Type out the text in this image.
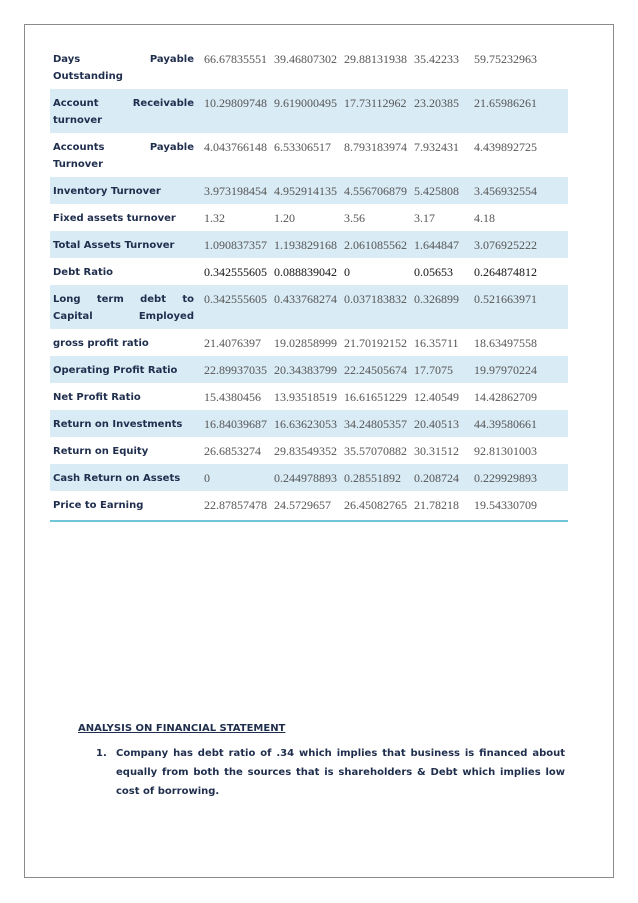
Days Payable Outstanding	66.67835551	39.46807302	29.88131938	35.42233	59.75232963
Account Receivable turnover	10.29809748	9.619000495	17.73112962	23.20385	21.65986261
Accounts Payable Turnover	4.043766148	6.53306517	8.793183974	7.932431	4.439892725
Inventory Turnover	3.973198454	4.952914135	4.556706879	5.425808	3.456932554
Fixed assets turnover	1.32	1.20	3.56	3.17	4.18
Total Assets Turnover	1.090837357	1.193829168	2.061085562	1.644847	3.076925222
Debt Ratio	0.342555605	0.088839042	0	0.05653	0.264874812
Long term debt to Capital Employed	0.342555605	0.433768274	0.037183832	0.326899	0.521663971
gross profit ratio	21.4076397	19.02858999	21.70192152	16.35711	18.63497558
Operating Profit Ratio	22.89937035	20.34383799	22.24505674	17.7075	19.97970224
Net Profit Ratio	15.4380456	13.93518519	16.61651229	12.40549	14.42862709
Return on Investments	16.84039687	16.63623053	34.24805357	20.40513	44.39580661
Return on Equity	26.6853274	29.83549352	35.57070882	30.31512	92.81301003
Cash Return on Assets	0	0.244978893	0.28551892	0.208724	0.229929893
Price to Earning	22.87857478	24.5729657	26.45082765	21.78218	19.54330709

ANALYSIS ON FINANCIAL STATEMENT

1. Company has debt ratio of .34 which implies that business is financed about equally from both the sources that is shareholders & Debt which implies low cost of borrowing.
